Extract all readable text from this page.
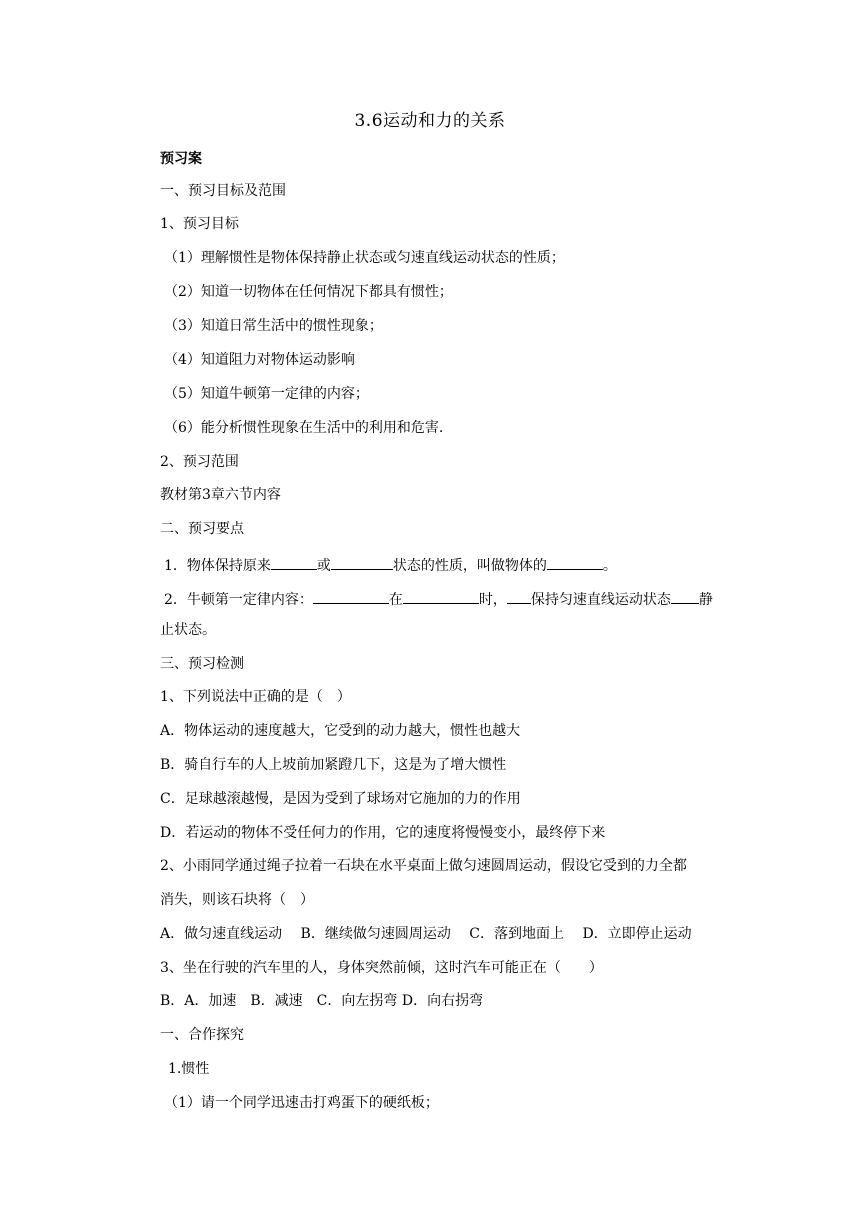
3.6运动和力的关系
预习案
一、预习目标及范围
1、预习目标
（1）理解惯性是物体保持静止状态或匀速直线运动状态的性质；
（2）知道一切物体在任何情况下都具有惯性；
（3）知道日常生活中的惯性现象；
（4）知道阻力对物体运动影响
（5）知道牛顿第一定律的内容；
（6）能分析惯性现象在生活中的利用和危害.
2、预习范围
教材第3章六节内容
二、预习要点
1．物体保持原来	或	状态的性质，叫做物体的	。
2．牛顿第一定律内容：	在	时， 保持匀速直线运动状态 静
止状态。
三、预习检测
1、下列说法中正确的是（　）
A．物体运动的速度越大，它受到的动力越大，惯性也越大
B．骑自行车的人上坡前加紧蹬几下，这是为了增大惯性
C．足球越滚越慢，是因为受到了球场对它施加的力的作用
D．若运动的物体不受任何力的作用，它的速度将慢慢变小，最终停下来
2、小雨同学通过绳子拉着一石块在水平桌面上做匀速圆周运动，假设它受到的力全都
消失，则该石块将（　）
A．做匀速直线运动　 B．继续做匀速圆周运动　 C．落到地面上　 D．立即停止运动
3、坐在行驶的汽车里的人，身体突然前倾，这时汽车可能正在（　　）
B．A．加速　B．减速　C．向左拐弯 D．向右拐弯
一、合作探究
1.惯性
（1）请一个同学迅速击打鸡蛋下的硬纸板；
